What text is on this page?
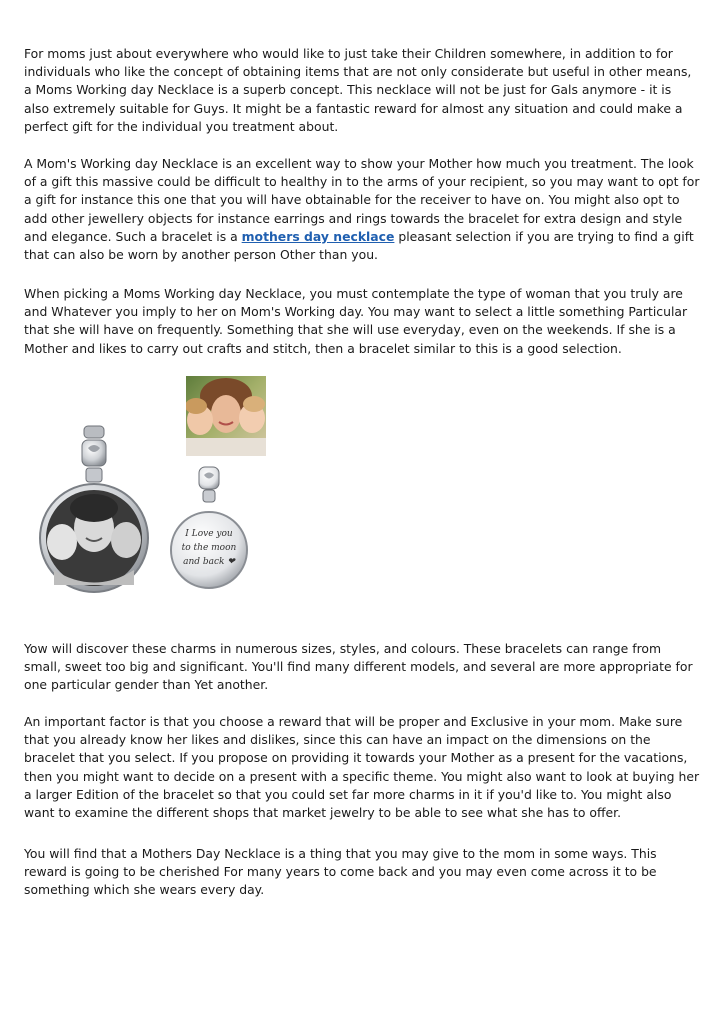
For moms just about everywhere who would like to just take their Children somewhere, in addition to for individuals who like the concept of obtaining items that are not only considerate but useful in other means, a Moms Working day Necklace is a superb concept. This necklace will not be just for Gals anymore - it is also extremely suitable for Guys. It might be a fantastic reward for almost any situation and could make a perfect gift for the individual you treatment about.

A Mom's Working day Necklace is an excellent way to show your Mother how much you treatment. The look of a gift this massive could be difficult to healthy in to the arms of your recipient, so you may want to opt for a gift for instance this one that you will have obtainable for the receiver to have on. You might also opt to add other jewellery objects for instance earrings and rings towards the bracelet for extra design and style and elegance. Such a bracelet is a mothers day necklace pleasant selection if you are trying to find a gift that can also be worn by another person Other than you.

When picking a Moms Working day Necklace, you must contemplate the type of woman that you truly are and Whatever you imply to her on Mom's Working day. You may want to select a little something Particular that she will have on frequently. Something that she will use everyday, even on the weekends. If she is a Mother and likes to carry out crafts and stitch, then a bracelet similar to this is a good selection.

I Love you
to the moon
and back ❤

Yow will discover these charms in numerous sizes, styles, and colours. These bracelets can range from small, sweet too big and significant. You'll find many different models, and several are more appropriate for one particular gender than Yet another.

An important factor is that you choose a reward that will be proper and Exclusive in your mom. Make sure that you already know her likes and dislikes, since this can have an impact on the dimensions on the bracelet that you select. If you propose on providing it towards your Mother as a present for the vacations, then you might want to decide on a present with a specific theme. You might also want to look at buying her a larger Edition of the bracelet so that you could set far more charms in it if you'd like to. You might also want to examine the different shops that market jewelry to be able to see what she has to offer.

You will find that a Mothers Day Necklace is a thing that you may give to the mom in some ways. This reward is going to be cherished For many years to come back and you may even come across it to be something which she wears every day.
